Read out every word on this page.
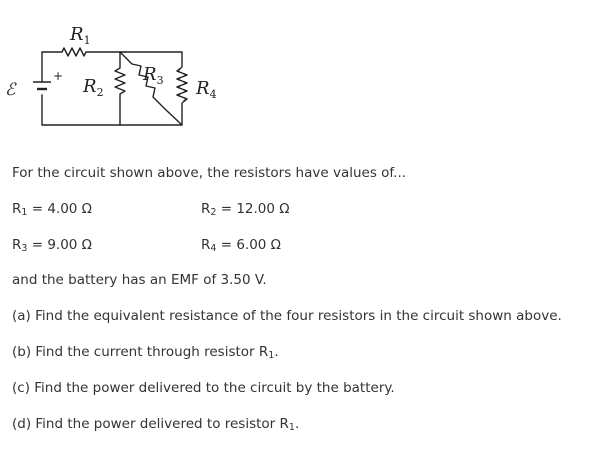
ℰ
+
$R_1$
$R_2$
$R_3$ $R_4$

For the circuit shown above, the resistors have values of...

$R_1 = 4.00$ Ω	$R_2 = 12.00$ Ω

$R_3 = 9.00$ Ω	$R_4 = 6.00$ Ω

and the battery has an EMF of 3.50 V.

(a) Find the equivalent resistance of the four resistors in the circuit shown above.

(b) Find the current through resistor $R_1$.

(c) Find the power delivered to the circuit by the battery.

(d) Find the power delivered to resistor $R_1$.
